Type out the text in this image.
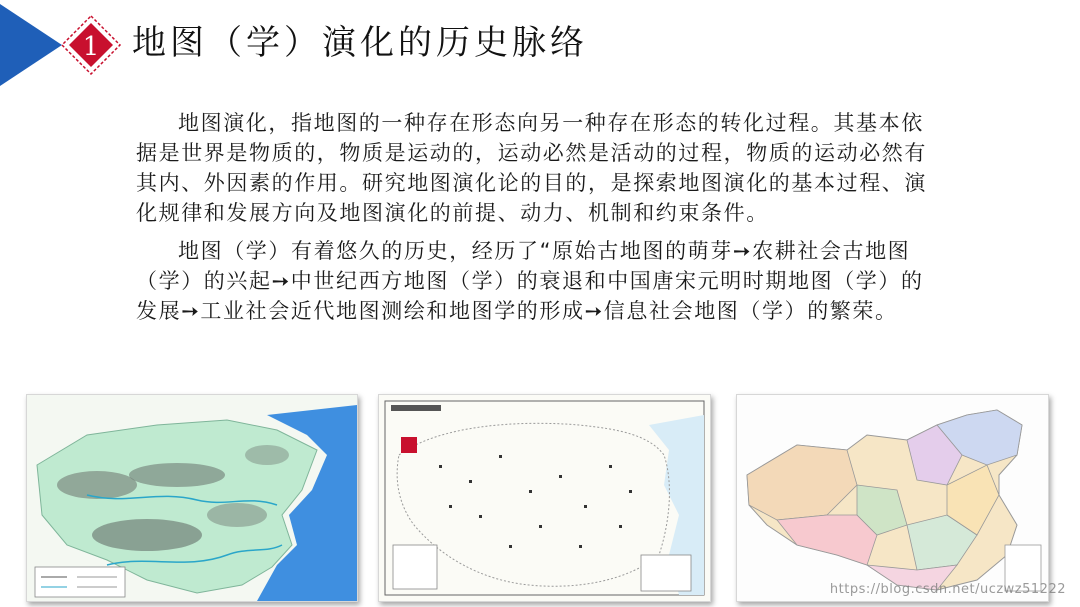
1 地图（学）演化的历史脉络

地图演化，指地图的一种存在形态向另一种存在形态的转化过程。其基本依据是世界是物质的，物质是运动的，运动必然是活动的过程，物质的运动必然有其内、外因素的作用。研究地图演化论的目的，是探索地图演化的基本过程、演化规律和发展方向及地图演化的前提、动力、机制和约束条件。

地图（学）有着悠久的历史，经历了“原始古地图的萌芽➙农耕社会古地图（学）的兴起➙中世纪西方地图（学）的衰退和中国唐宋元明时期地图（学）的发展➙工业社会近代地图测绘和地图学的形成➙信息社会地图（学）的繁荣。

https://blog.csdn.net/uczwz51222
